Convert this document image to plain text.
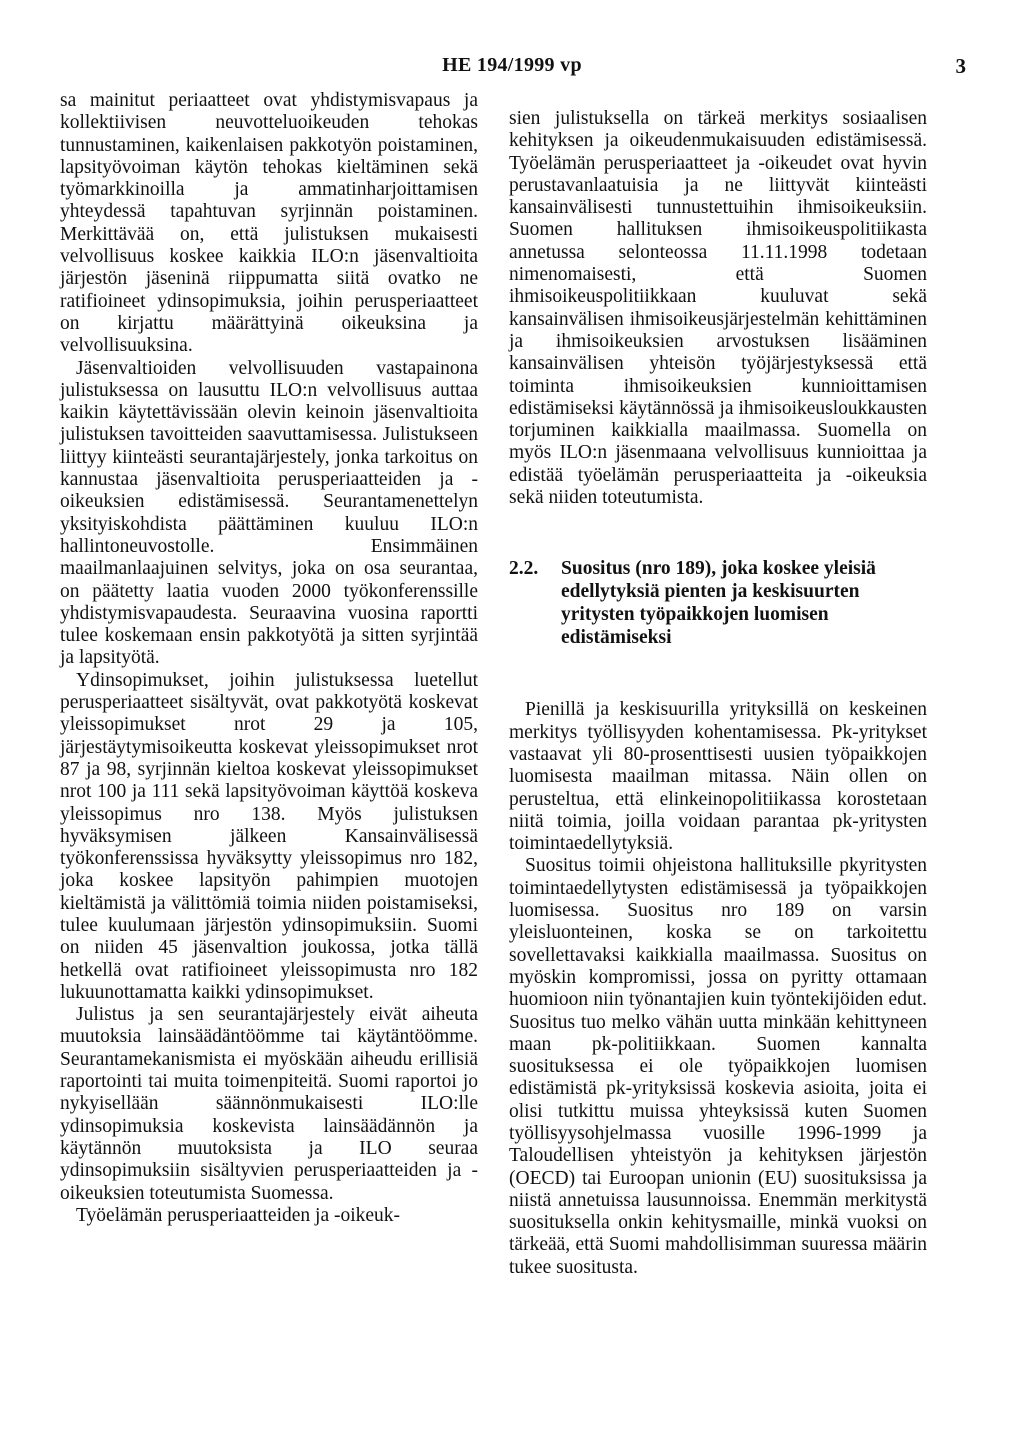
HE 194/1999 vp	3

sa mainitut periaatteet ovat yhdistymisvapaus ja kollektiivisen neuvotteluoikeuden tehokas tunnustaminen, kaikenlaisen pakkotyön poistaminen, lapsityövoiman käytön tehokas kieltäminen sekä työmarkkinoilla ja ammatinharjoittamisen yhteydessä tapahtuvan syrjinnän poistaminen. Merkittävää on, että julistuksen mukaisesti velvollisuus koskee kaikkia ILO:n jäsenvaltioita järjestön jäseninä riippumatta siitä ovatko ne ratifioineet ydinsopimuksia, joihin perusperiaatteet on kirjattu määrättyinä oikeuksina ja velvollisuuksina.

Jäsenvaltioiden velvollisuuden vastapainona julistuksessa on lausuttu ILO:n velvollisuus auttaa kaikin käytettävissään olevin keinoin jäsenvaltioita julistuksen tavoitteiden saavuttamisessa. Julistukseen liittyy kiinteästi seurantajärjestely, jonka tarkoitus on kannustaa jäsenvaltioita perusperiaatteiden ja -oikeuksien edistämisessä. Seurantamenettelyn yksityiskohdista päättäminen kuuluu ILO:n hallintoneuvostolle. Ensimmäinen maailmanlaajuinen selvitys, joka on osa seurantaa, on päätetty laatia vuoden 2000 työkonferenssille yhdistymisvapaudesta. Seuraavina vuosina raportti tulee koskemaan ensin pakkotyötä ja sitten syrjintää ja lapsityötä.

Ydinsopimukset, joihin julistuksessa luetellut perusperiaatteet sisältyvät, ovat pakkotyötä koskevat yleissopimukset nrot 29 ja 105, järjestäytymisoikeutta koskevat yleissopimukset nrot 87 ja 98, syrjinnän kieltoa koskevat yleissopimukset nrot 100 ja 111 sekä lapsityövoiman käyttöä koskeva yleissopimus nro 138. Myös julistuksen hyväksymisen jälkeen Kansainvälisessä työkonferenssissa hyväksytty yleissopimus nro 182, joka koskee lapsityön pahimpien muotojen kieltämistä ja välittömiä toimia niiden poistamiseksi, tulee kuulumaan järjestön ydinsopimuksiin. Suomi on niiden 45 jäsenvaltion joukossa, jotka tällä hetkellä ovat ratifioineet yleissopimusta nro 182 lukuunottamatta kaikki ydinsopimukset.

Julistus ja sen seurantajärjestely eivät aiheuta muutoksia lainsäädäntöömme tai käytäntöömme. Seurantamekanismista ei myöskään aiheudu erillisiä raportointi tai muita toimenpiteitä. Suomi raportoi jo nykyisellään säännönmukaisesti ILO:lle ydinsopimuksia koskevista lainsäädännön ja käytännön muutoksista ja ILO seuraa ydinsopimuksiin sisältyvien perusperiaatteiden ja -oikeuksien toteutumista Suomessa.

Työelämän perusperiaatteiden ja -oikeuk-

sien julistuksella on tärkeä merkitys sosiaalisen kehityksen ja oikeudenmukaisuuden edistämisessä. Työelämän perusperiaatteet ja -oikeudet ovat hyvin perustavanlaatuisia ja ne liittyvät kiinteästi kansainvälisesti tunnustettuihin ihmisoikeuksiin. Suomen hallituksen ihmisoikeuspolitiikasta annetussa selonteossa 11.11.1998 todetaan nimenomaisesti, että Suomen ihmisoikeuspolitiikkaan kuuluvat sekä kansainvälisen ihmisoikeusjärjestelmän kehittäminen ja ihmisoikeuksien arvostuksen lisääminen kansainvälisen yhteisön työjärjestyksessä että toiminta ihmisoikeuksien kunnioittamisen edistämiseksi käytännössä ja ihmisoikeusloukkausten torjuminen kaikkialla maailmassa. Suomella on myös ILO:n jäsenmaana velvollisuus kunnioittaa ja edistää työelämän perusperiaatteita ja -oikeuksia sekä niiden toteutumista.

2.2.	Suositus (nro 189), joka koskee yleisiä edellytyksiä pienten ja keskisuurten yritysten työpaikkojen luomisen edistämiseksi

Pienillä ja keskisuurilla yrityksillä on keskeinen merkitys työllisyyden kohentamisessa. Pk-yritykset vastaavat yli 80-prosenttisesti uusien työpaikkojen luomisesta maailman mitassa. Näin ollen on perusteltua, että elinkeinopolitiikassa korostetaan niitä toimia, joilla voidaan parantaa pk-yritysten toimintaedellytyksiä.

Suositus toimii ohjeistona hallituksille pkyritysten toimintaedellytysten edistämisessä ja työpaikkojen luomisessa. Suositus nro 189 on varsin yleisluonteinen, koska se on tarkoitettu sovellettavaksi kaikkialla maailmassa. Suositus on myöskin kompromissi, jossa on pyritty ottamaan huomioon niin työnantajien kuin työntekijöiden edut. Suositus tuo melko vähän uutta minkään kehittyneen maan pk-politiikkaan. Suomen kannalta suosituksessa ei ole työpaikkojen luomisen edistämistä pk-yrityksissä koskevia asioita, joita ei olisi tutkittu muissa yhteyksissä kuten Suomen työllisyysohjelmassa vuosille 1996-1999 ja Taloudellisen yhteistyön ja kehityksen järjestön (OECD) tai Euroopan unionin (EU) suosituksissa ja niistä annetuissa lausunnoissa. Enemmän merkitystä suosituksella onkin kehitysmaille, minkä vuoksi on tärkeää, että Suomi mahdollisimman suuressa määrin tukee suositusta.
